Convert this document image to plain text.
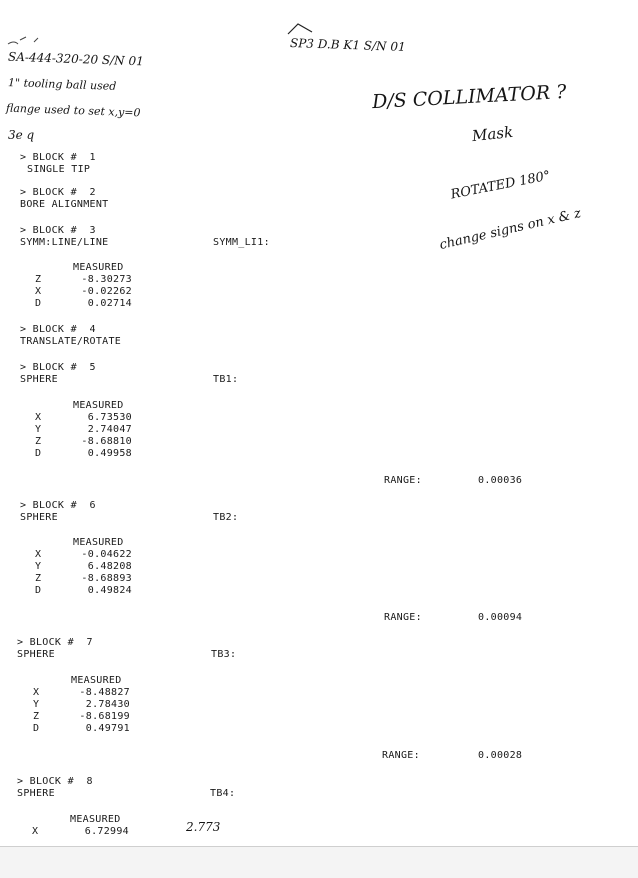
SA-444-320-20 S/N 01
1" tooling ball used
flange used to set x,y=0
3e q
SP3 D.B K1 S/N 01
D/S COLLIMATOR ?
Mask
ROTATED 180°
change signs on x & z
2.773
> BLOCK #  1
SINGLE TIP
> BLOCK #  2
BORE ALIGNMENT
> BLOCK #  3
SYMM:LINE/LINE	SYMM_LI1:
MEASURED
Z	-8.30273
X	-0.02262
D	0.02714
> BLOCK #  4
TRANSLATE/ROTATE
> BLOCK #  5
SPHERE	TB1:
MEASURED
X	6.73530
Y	2.74047
Z	-8.68810
D	0.49958
RANGE:	0.00036
> BLOCK #  6
SPHERE	TB2:
MEASURED
X	-0.04622
Y	6.48208
Z	-8.68893
D	0.49824
RANGE:	0.00094
> BLOCK #  7
SPHERE	TB3:
MEASURED
X	-8.48827
Y	2.78430
Z	-8.68199
D	0.49791
RANGE:	0.00028
> BLOCK #  8
SPHERE	TB4:
MEASURED
X	6.72994
